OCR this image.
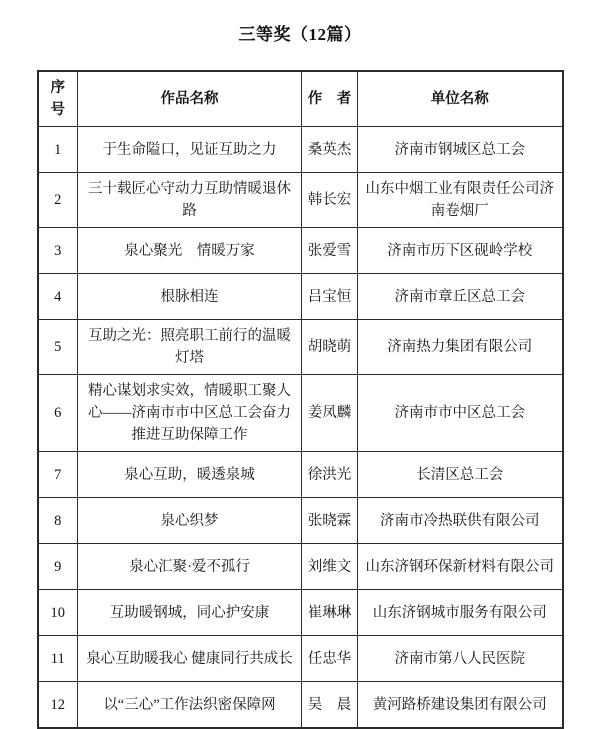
三等奖（12篇）
序　号	作品名称	作　者	单位名称
1	于生命隘口，见证互助之力	桑英杰	济南市钢城区总工会
2	三十载匠心守动力互助情暖退休路	韩长宏	山东中烟工业有限责任公司济南卷烟厂
3	泉心聚光　情暖万家	张爱雪	济南市历下区砚岭学校
4	根脉相连	吕宝恒	济南市章丘区总工会
5	互助之光：照亮职工前行的温暖灯塔	胡晓萌	济南热力集团有限公司
6	精心谋划求实效，情暖职工聚人心——济南市市中区总工会奋力推进互助保障工作	姜凤麟	济南市市中区总工会
7	泉心互助，暖透泉城	徐洪光	长清区总工会
8	泉心织梦	张晓霖	济南市冷热联供有限公司
9	泉心汇聚·爱不孤行	刘维文	山东济钢环保新材料有限公司
10	互助暖钢城，同心护安康	崔琳琳	山东济钢城市服务有限公司
11	泉心互助暖我心 健康同行共成长	任忠华	济南市第八人民医院
12	以“三心”工作法织密保障网	吴　晨	黄河路桥建设集团有限公司
